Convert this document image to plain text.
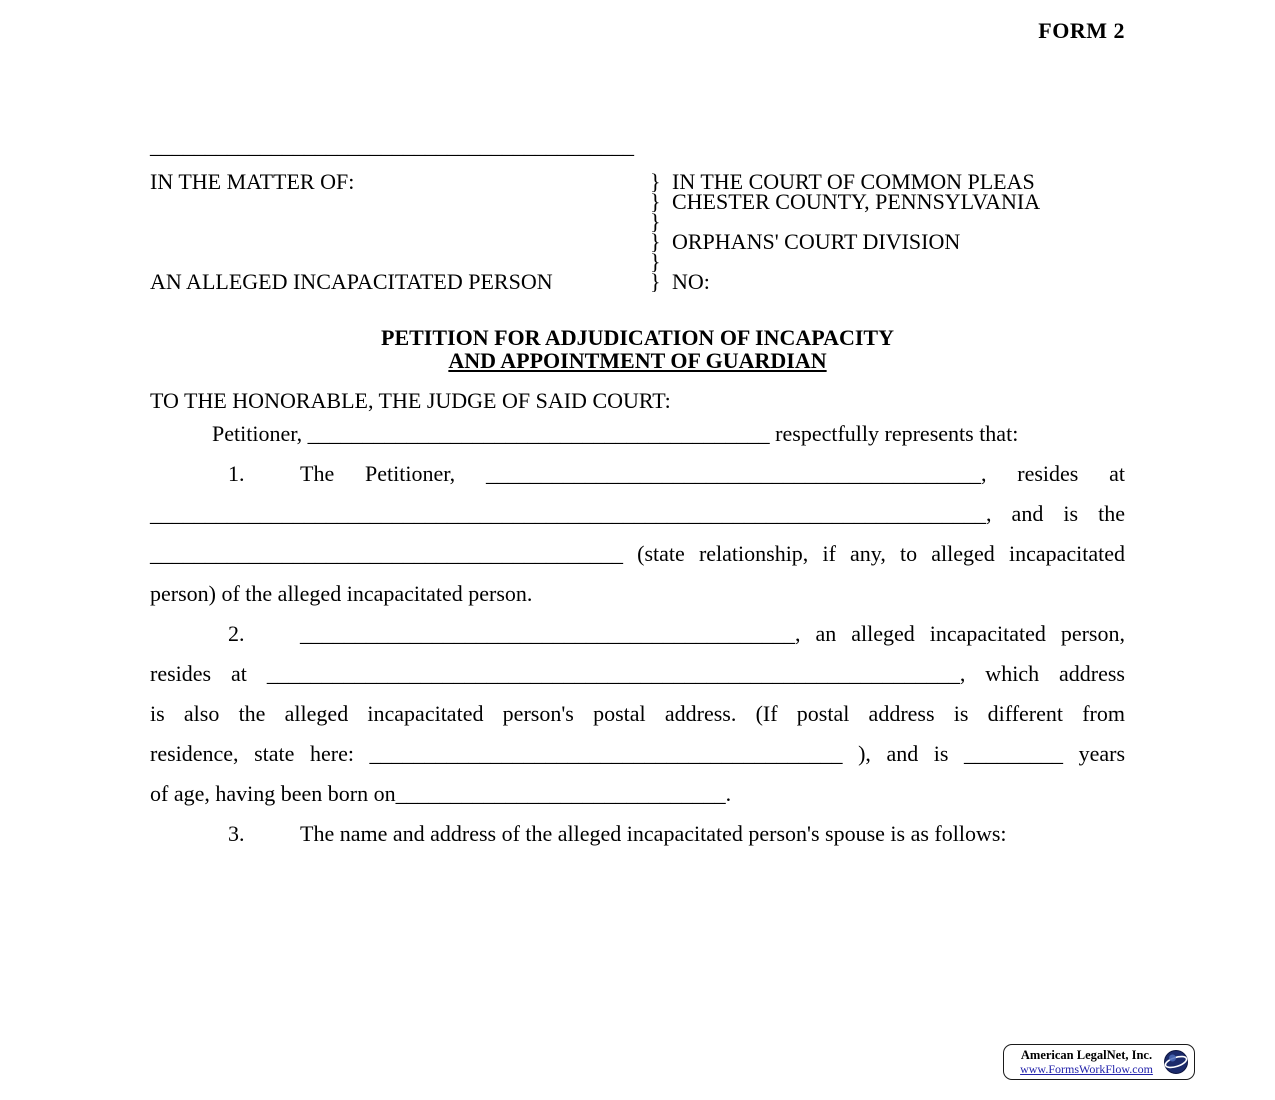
FORM 2
____________________________________________
IN THE MATTER OF:
AN ALLEGED INCAPACITATED PERSON
} IN THE COURT OF COMMON PLEAS
} CHESTER COUNTY, PENNSYLVANIA
}
} ORPHANS' COURT DIVISION
}
} NO:
PETITION FOR ADJUDICATION OF INCAPACITY
AND APPOINTMENT OF GUARDIAN
TO THE HONORABLE, THE JUDGE OF SAID COURT:
Petitioner, __________________________________________ respectfully represents that:
1.	The Petitioner, _____________________________________________, resides at
____________________________________________________________________________, and is the
___________________________________________ (state relationship, if any, to alleged incapacitated
person) of the alleged incapacitated person.
2.	_____________________________________________, an alleged incapacitated person,
resides at _______________________________________________________________, which address
is also the alleged incapacitated person's postal address. (If postal address is different from
residence, state here: ___________________________________________ ), and is _________ years
of age, having been born on______________________________.
3.	The name and address of the alleged incapacitated person's spouse is as follows:
American LegalNet, Inc.
www.FormsWorkFlow.com
